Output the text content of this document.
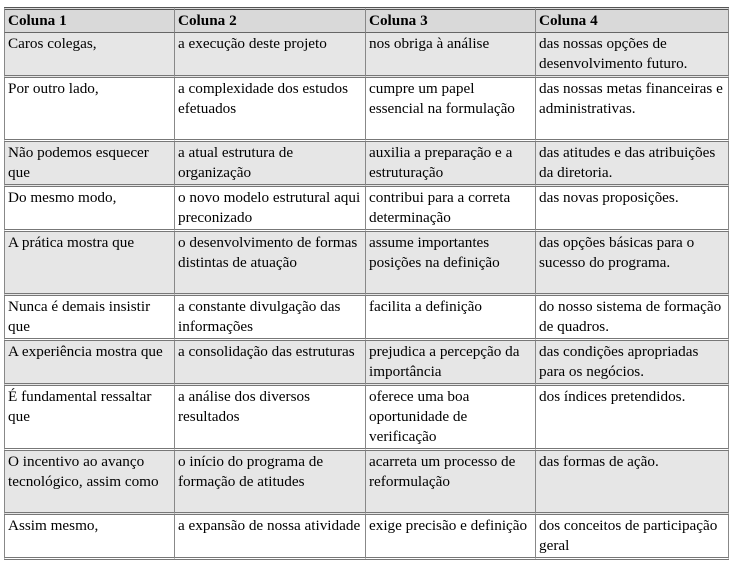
Coluna 1	Coluna 2	Coluna 3	Coluna 4
Caros colegas,	a execução deste projeto	nos obriga à análise	das nossas opções de desenvolvimento futuro.
Por outro lado,	a complexidade dos estudos efetuados	cumpre um papel essencial na formulação	das nossas metas financeiras e administrativas.
Não podemos esquecer que	a atual estrutura de organização	auxilia a preparação e a estruturação	das atitudes e das atribuições da diretoria.
Do mesmo modo,	o novo modelo estrutural aqui preconizado	contribui para a correta determinação	das novas proposições.
A prática mostra que	o desenvolvimento de formas distintas de atuação	assume importantes posições na definição	das opções básicas para o sucesso do programa.
Nunca é demais insistir que	a constante divulgação das informações	facilita a definição	do nosso sistema de formação de quadros.
A experiência mostra que	a consolidação das estruturas	prejudica a percepção da importância	das condições apropriadas para os negócios.
É fundamental ressaltar que	a análise dos diversos resultados	oferece uma boa oportunidade de verificação	dos índices pretendidos.
O incentivo ao avanço tecnológico, assim como	o início do programa de formação de atitudes	acarreta um processo de reformulação	das formas de ação.
Assim mesmo,	a expansão de nossa atividade	exige precisão e definição	dos conceitos de participação geral
